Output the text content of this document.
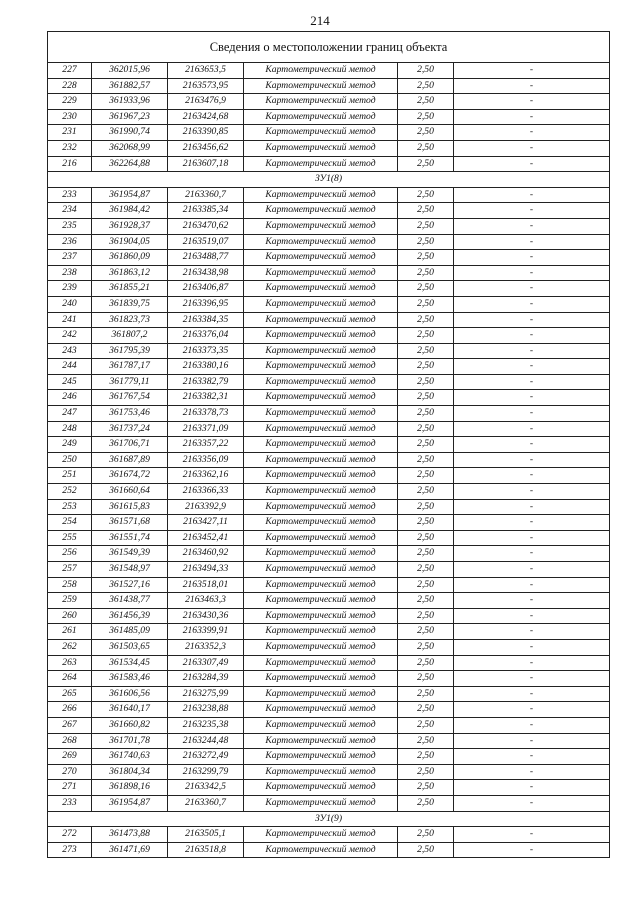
214
Сведения о местоположении границ объекта					
227	362015,96	2163653,5	Картометрический метод	2,50	-
228	361882,57	2163573,95	Картометрический метод	2,50	-
229	361933,96	2163476,9	Картометрический метод	2,50	-
230	361967,23	2163424,68	Картометрический метод	2,50	-
231	361990,74	2163390,85	Картометрический метод	2,50	-
232	362068,99	2163456,62	Картометрический метод	2,50	-
216	362264,88	2163607,18	Картометрический метод	2,50	-
ЗУ1(8)					
233	361954,87	2163360,7	Картометрический метод	2,50	-
234	361984,42	2163385,34	Картометрический метод	2,50	-
235	361928,37	2163470,62	Картометрический метод	2,50	-
236	361904,05	2163519,07	Картометрический метод	2,50	-
237	361860,09	2163488,77	Картометрический метод	2,50	-
238	361863,12	2163438,98	Картометрический метод	2,50	-
239	361855,21	2163406,87	Картометрический метод	2,50	-
240	361839,75	2163396,95	Картометрический метод	2,50	-
241	361823,73	2163384,35	Картометрический метод	2,50	-
242	361807,2	2163376,04	Картометрический метод	2,50	-
243	361795,39	2163373,35	Картометрический метод	2,50	-
244	361787,17	2163380,16	Картометрический метод	2,50	-
245	361779,11	2163382,79	Картометрический метод	2,50	-
246	361767,54	2163382,31	Картометрический метод	2,50	-
247	361753,46	2163378,73	Картометрический метод	2,50	-
248	361737,24	2163371,09	Картометрический метод	2,50	-
249	361706,71	2163357,22	Картометрический метод	2,50	-
250	361687,89	2163356,09	Картометрический метод	2,50	-
251	361674,72	2163362,16	Картометрический метод	2,50	-
252	361660,64	2163366,33	Картометрический метод	2,50	-
253	361615,83	2163392,9	Картометрический метод	2,50	-
254	361571,68	2163427,11	Картометрический метод	2,50	-
255	361551,74	2163452,41	Картометрический метод	2,50	-
256	361549,39	2163460,92	Картометрический метод	2,50	-
257	361548,97	2163494,33	Картометрический метод	2,50	-
258	361527,16	2163518,01	Картометрический метод	2,50	-
259	361438,77	2163463,3	Картометрический метод	2,50	-
260	361456,39	2163430,36	Картометрический метод	2,50	-
261	361485,09	2163399,91	Картометрический метод	2,50	-
262	361503,65	2163352,3	Картометрический метод	2,50	-
263	361534,45	2163307,49	Картометрический метод	2,50	-
264	361583,46	2163284,39	Картометрический метод	2,50	-
265	361606,56	2163275,99	Картометрический метод	2,50	-
266	361640,17	2163238,88	Картометрический метод	2,50	-
267	361660,82	2163235,38	Картометрический метод	2,50	-
268	361701,78	2163244,48	Картометрический метод	2,50	-
269	361740,63	2163272,49	Картометрический метод	2,50	-
270	361804,34	2163299,79	Картометрический метод	2,50	-
271	361898,16	2163342,5	Картометрический метод	2,50	-
233	361954,87	2163360,7	Картометрический метод	2,50	-
ЗУ1(9)					
272	361473,88	2163505,1	Картометрический метод	2,50	-
273	361471,69	2163518,8	Картометрический метод	2,50	-
